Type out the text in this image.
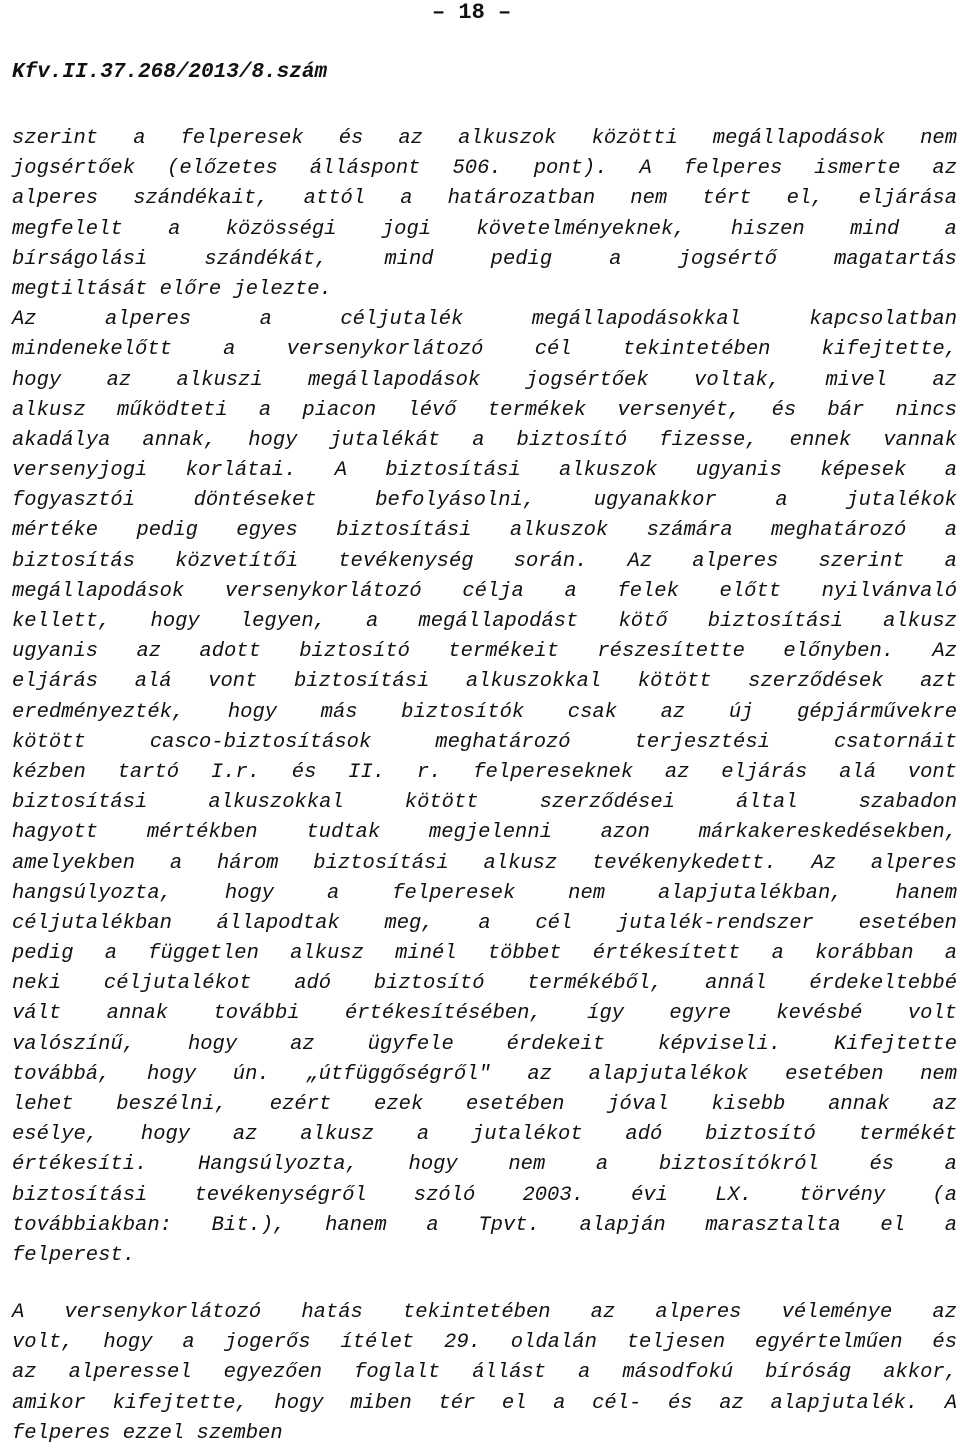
– 18 –
Kfv.II.37.268/2013/8.szám
szerint a felperesek és az alkuszok közötti megállapodások nem
jogsértőek (előzetes álláspont 506. pont). A felperes ismerte az
alperes szándékait, attól a határozatban nem tért el, eljárása
megfelelt a közösségi jogi követelményeknek, hiszen mind a
bírságolási szándékát, mind pedig a jogsértő magatartás
megtiltását előre jelezte.
Az alperes a céljutalék megállapodásokkal kapcsolatban
mindenekelőtt a versenykorlátozó cél tekintetében kifejtette,
hogy az alkuszi megállapodások jogsértőek voltak, mivel az
alkusz működteti a piacon lévő termékek versenyét, és bár nincs
akadálya annak, hogy jutalékát a biztosító fizesse, ennek vannak
versenyjogi korlátai. A biztosítási alkuszok ugyanis képesek a
fogyasztói döntéseket befolyásolni, ugyanakkor a jutalékok
mértéke pedig egyes biztosítási alkuszok számára meghatározó a
biztosítás közvetítői tevékenység során. Az alperes szerint a
megállapodások versenykorlátozó célja a felek előtt nyilvánvaló
kellett, hogy legyen, a megállapodást kötő biztosítási alkusz
ugyanis az adott biztosító termékeit részesítette előnyben. Az
eljárás alá vont biztosítási alkuszokkal kötött szerződések azt
eredményezték, hogy más biztosítók csak az új gépjárművekre
kötött casco-biztosítások meghatározó terjesztési csatornáit
kézben tartó I.r. és II. r. felpereseknek az eljárás alá vont
biztosítási alkuszokkal kötött szerződései által szabadon
hagyott mértékben tudtak megjelenni azon márkakereskedésekben,
amelyekben a három biztosítási alkusz tevékenykedett. Az alperes
hangsúlyozta, hogy a felperesek nem alapjutalékban, hanem
céljutalékban állapodtak meg, a cél jutalék-rendszer esetében
pedig a független alkusz minél többet értékesített a korábban a
neki céljutalékot adó biztosító termékéből, annál érdekeltebbé
vált annak további értékesítésében, így egyre kevésbé volt
valószínű, hogy az ügyfele érdekeit képviseli. Kifejtette
továbbá, hogy ún. „útfüggőségről" az alapjutalékok esetében nem
lehet beszélni, ezért ezek esetében jóval kisebb annak az
esélye, hogy az alkusz a jutalékot adó biztosító termékét
értékesíti. Hangsúlyozta, hogy nem a biztosítókról és a
biztosítási tevékenységről szóló 2003. évi LX. törvény (a
továbbiakban: Bit.), hanem a Tpvt. alapján marasztalta el a
felperest.
A versenykorlátozó hatás tekintetében az alperes véleménye az
volt, hogy a jogerős ítélet 29. oldalán teljesen egyértelműen és
az alperessel egyezően foglalt állást a másodfokú bíróság akkor,
amikor kifejtette, hogy miben tér el a cél- és az alapjutalék. A
felperes ezzel szemben
